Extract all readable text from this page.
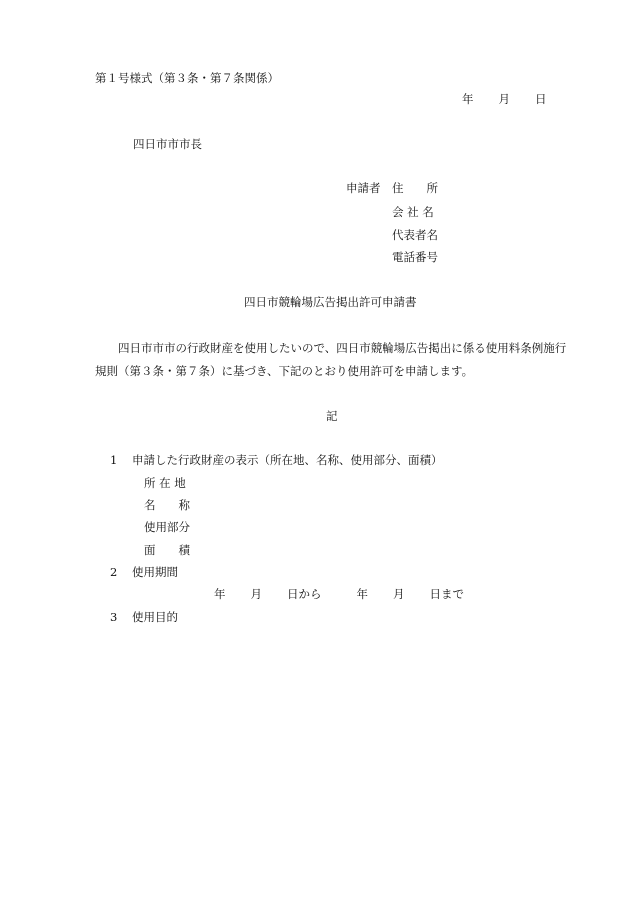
第１号様式（第３条・第７条関係）
年 月 日
四日市市市長
申請者 住　　所
会 社 名
代表者名
電話番号
四日市競輪場広告掲出許可申請書
四日市市市の行政財産を使用したいので、四日市競輪場広告掲出に係る使用料条例施行
規則（第３条・第７条）に基づき、下記のとおり使用許可を申請します。
記
1 申請した行政財産の表示（所在地、名称、使用部分、面積）
所 在 地
名　　称
使用部分
面　　積
2 使用期間
年 月 日から	年 月 日まで
3 使用目的
